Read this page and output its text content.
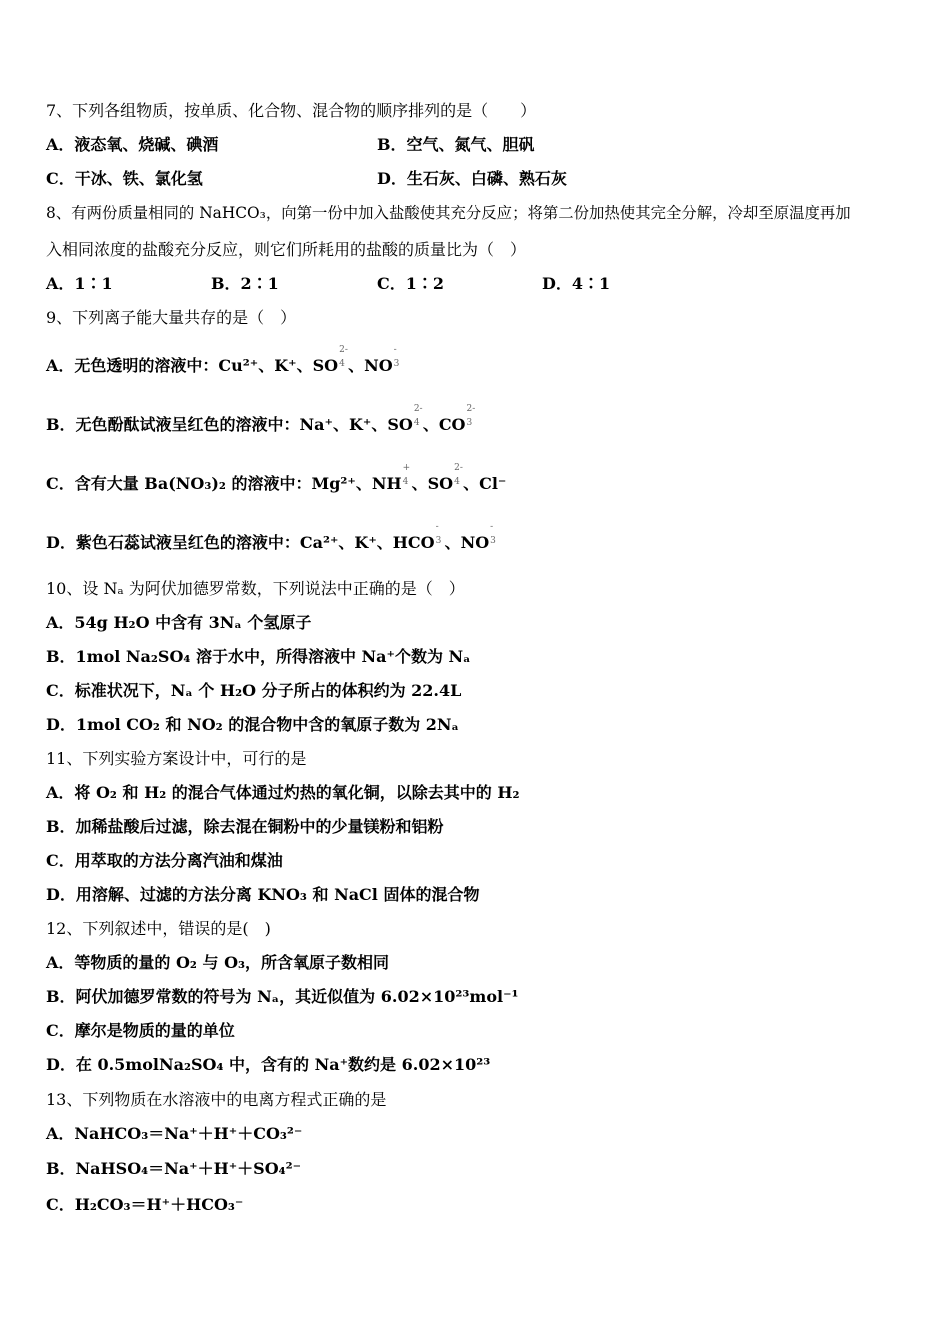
7、下列各组物质，按单质、化合物、混合物的顺序排列的是（　　）
A．液态氧、烧碱、碘酒	B．空气、氮气、胆矾
C．干冰、铁、氯化氢	D．生石灰、白磷、熟石灰
8、有两份质量相同的 NaHCO₃，向第一份中加入盐酸使其充分反应；将第二份加热使其完全分解，冷却至原温度再加
入相同浓度的盐酸充分反应，则它们所耗用的盐酸的质量比为（　）
A．1∶1	B．2∶1	C．1∶2	D．4∶1
9、下列离子能大量共存的是（　）
A．无色透明的溶液中：Cu²⁺、K⁺、SO
2-
4 、NO
-
3
B．无色酚酞试液呈红色的溶液中：Na⁺、K⁺、SO
2-
4 、CO
2-
3
C．含有大量 Ba(NO₃)₂ 的溶液中：Mg²⁺、NH
+
4 、SO
2-
4 、Cl⁻
D．紫色石蕊试液呈红色的溶液中：Ca²⁺、K⁺、HCO
-
3 、NO
-
3
10、设 Nₐ 为阿伏加德罗常数，下列说法中正确的是（　）
A．54g H₂O 中含有 3Nₐ 个氢原子
B．1mol Na₂SO₄ 溶于水中，所得溶液中 Na⁺个数为 Nₐ
C．标准状况下，Nₐ 个 H₂O 分子所占的体积约为 22.4L
D．1mol CO₂ 和 NO₂ 的混合物中含的氧原子数为 2Nₐ
11、下列实验方案设计中，可行的是
A．将 O₂ 和 H₂ 的混合气体通过灼热的氧化铜，以除去其中的 H₂
B．加稀盐酸后过滤，除去混在铜粉中的少量镁粉和铝粉
C．用萃取的方法分离汽油和煤油
D．用溶解、过滤的方法分离 KNO₃ 和 NaCl 固体的混合物
12、下列叙述中，错误的是(　)
A．等物质的量的 O₂ 与 O₃，所含氧原子数相同
B．阿伏加德罗常数的符号为 Nₐ，其近似值为 6.02×10²³mol⁻¹
C．摩尔是物质的量的单位
D．在 0.5molNa₂SO₄ 中，含有的 Na⁺数约是 6.02×10²³
13、下列物质在水溶液中的电离方程式正确的是
A．NaHCO₃＝Na⁺＋H⁺＋CO₃²⁻
B．NaHSO₄＝Na⁺＋H⁺＋SO₄²⁻
C．H₂CO₃＝H⁺＋HCO₃⁻
